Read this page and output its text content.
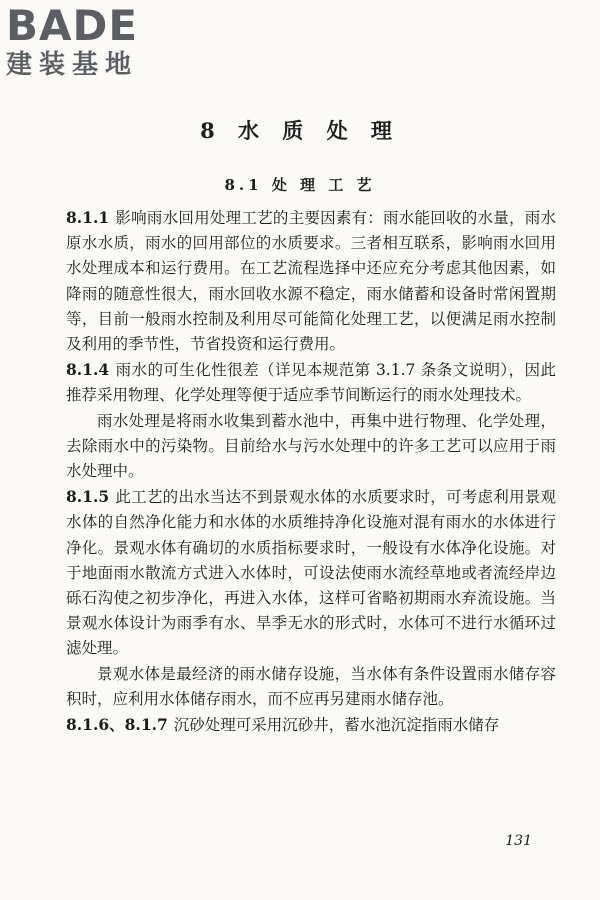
BADE
建装基地
8 水 质 处 理
8.1 处 理 工 艺

8.1.1 影响雨水回用处理工艺的主要因素有：雨水能回收的水量，雨水原水水质，雨水的回用部位的水质要求。三者相互联系，影响雨水回用水处理成本和运行费用。在工艺流程选择中还应充分考虑其他因素，如降雨的随意性很大，雨水回收水源不稳定，雨水储蓄和设备时常闲置期等，目前一般雨水控制及利用尽可能简化处理工艺，以便满足雨水控制及利用的季节性，节省投资和运行费用。

8.1.4 雨水的可生化性很差（详见本规范第 3.1.7 条条文说明），因此推荐采用物理、化学处理等便于适应季节间断运行的雨水处理技术。

雨水处理是将雨水收集到蓄水池中，再集中进行物理、化学处理，去除雨水中的污染物。目前给水与污水处理中的许多工艺可以应用于雨水处理中。

8.1.5 此工艺的出水当达不到景观水体的水质要求时，可考虑利用景观水体的自然净化能力和水体的水质维持净化设施对混有雨水的水体进行净化。景观水体有确切的水质指标要求时，一般设有水体净化设施。对于地面雨水散流方式进入水体时，可设法使雨水流经草地或者流经岸边砾石沟使之初步净化，再进入水体，这样可省略初期雨水弃流设施。当景观水体设计为雨季有水、旱季无水的形式时，水体可不进行水循环过滤处理。

景观水体是最经济的雨水储存设施，当水体有条件设置雨水储存容积时，应利用水体储存雨水，而不应再另建雨水储存池。

8.1.6、8.1.7 沉砂处理可采用沉砂井，蓄水池沉淀指雨水储存

131
